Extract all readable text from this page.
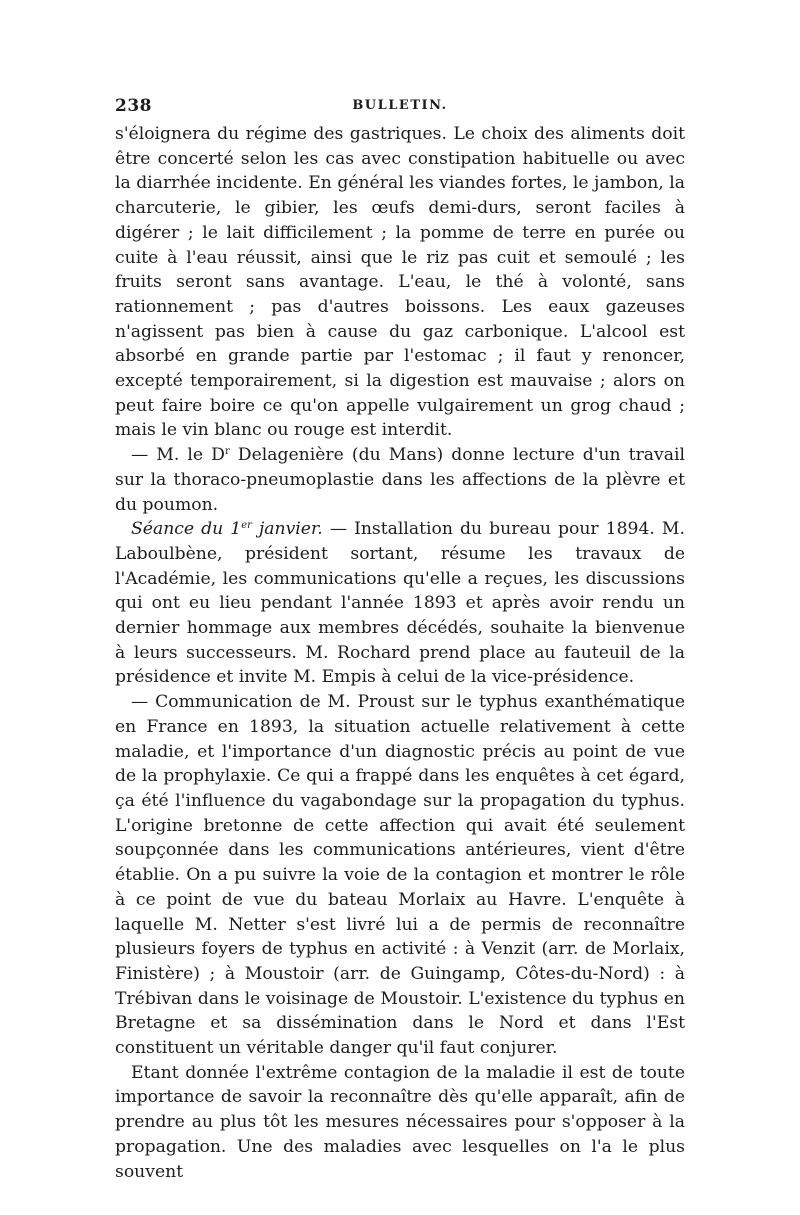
238	BULLETIN.

s'éloignera du régime des gastriques. Le choix des aliments doit être concerté selon les cas avec constipation habituelle ou avec la diarrhée incidente. En général les viandes fortes, le jambon, la charcuterie, le gibier, les œufs demi-durs, seront faciles à digérer ; le lait difficilement ; la pomme de terre en purée ou cuite à l'eau réussit, ainsi que le riz pas cuit et semoulé ; les fruits seront sans avantage. L'eau, le thé à volonté, sans rationnement ; pas d'autres boissons. Les eaux gazeuses n'agissent pas bien à cause du gaz carbonique. L'alcool est absorbé en grande partie par l'estomac ; il faut y renoncer, excepté temporairement, si la digestion est mauvaise ; alors on peut faire boire ce qu'on appelle vulgairement un grog chaud ; mais le vin blanc ou rouge est interdit.

— M. le $D^r$ Delagenière (du Mans) donne lecture d'un travail sur la thoraco-pneumoplastie dans les affections de la plèvre et du poumon.

Séance du 1er janvier. — Installation du bureau pour 1894. M. Laboulbène, président sortant, résume les travaux de l'Académie, les communications qu'elle a reçues, les discussions qui ont eu lieu pendant l'année 1893 et après avoir rendu un dernier hommage aux membres décédés, souhaite la bienvenue à leurs successeurs. M. Rochard prend place au fauteuil de la présidence et invite M. Empis à celui de la vice-présidence.

— Communication de M. Proust sur le typhus exanthématique en France en 1893, la situation actuelle relativement à cette maladie, et l'importance d'un diagnostic précis au point de vue de la prophylaxie. Ce qui a frappé dans les enquêtes à cet égard, ça été l'influence du vagabondage sur la propagation du typhus. L'origine bretonne de cette affection qui avait été seulement soupçonnée dans les communications antérieures, vient d'être établie. On a pu suivre la voie de la contagion et montrer le rôle à ce point de vue du bateau Morlaix au Havre. L'enquête à laquelle M. Netter s'est livré lui a de permis de reconnaître plusieurs foyers de typhus en activité : à Venzit (arr. de Morlaix, Finistère) ; à Moustoir (arr. de Guingamp, Côtes-du-Nord) : à Trébivan dans le voisinage de Moustoir. L'existence du typhus en Bretagne et sa dissémination dans le Nord et dans l'Est constituent un véritable danger qu'il faut conjurer.

Etant donnée l'extrême contagion de la maladie il est de toute importance de savoir la reconnaître dès qu'elle apparaît, afin de prendre au plus tôt les mesures nécessaires pour s'opposer à la propagation. Une des maladies avec lesquelles on l'a le plus souvent
